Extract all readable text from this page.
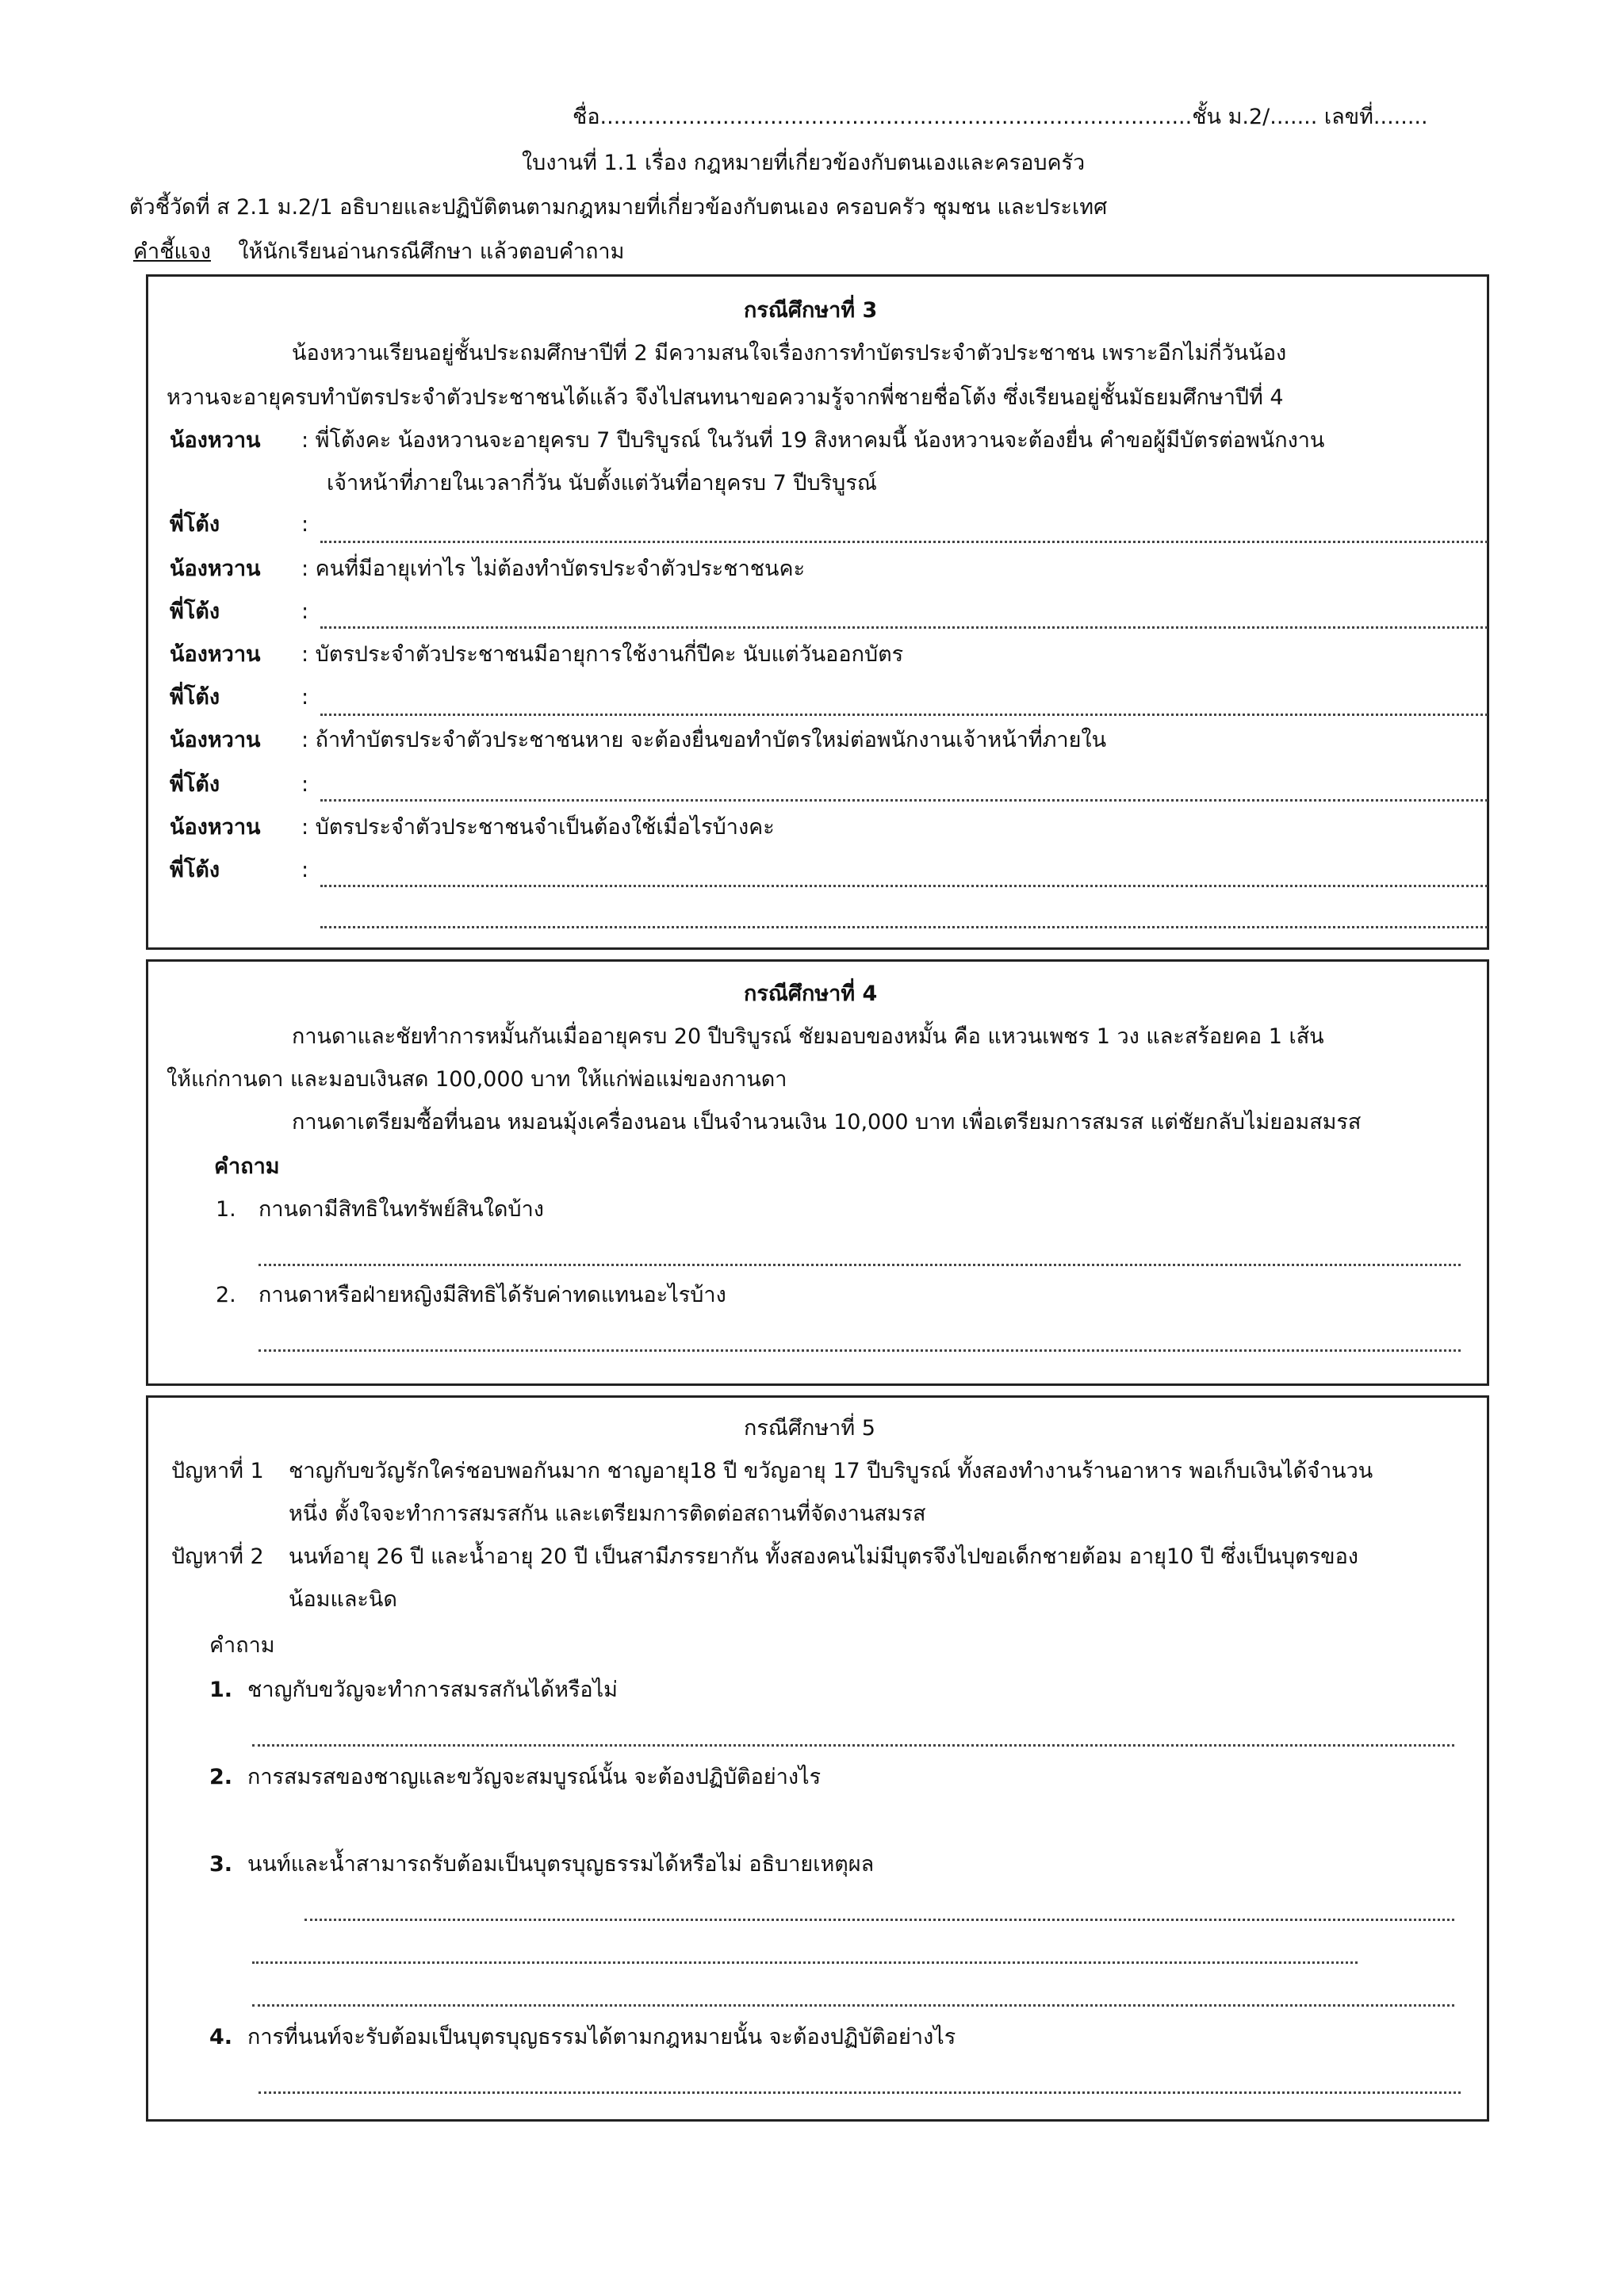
ชื่อ.......................................................................................ชั้น ม.2/....... เลขที่........
ใบงานที่ 1.1 เรื่อง กฎหมายที่เกี่ยวข้องกับตนเองและครอบครัว
ตัวชี้วัดที่ ส 2.1 ม.2/1 อธิบายและปฏิบัติตนตามกฎหมายที่เกี่ยวข้องกับตนเอง ครอบครัว ชุมชน และประเทศ
คำชี้แจง ให้นักเรียนอ่านกรณีศึกษา แล้วตอบคำถาม
กรณีศึกษาที่ 3
น้องหวานเรียนอยู่ชั้นประถมศึกษาปีที่ 2 มีความสนใจเรื่องการทำบัตรประจำตัวประชาชน เพราะอีกไม่กี่วันน้อง
หวานจะอายุครบทำบัตรประจำตัวประชาชนได้แล้ว จึงไปสนทนาขอความรู้จากพี่ชายชื่อโต้ง ซึ่งเรียนอยู่ชั้นมัธยมศึกษาปีที่ 4
น้องหวาน : พี่โต้งคะ น้องหวานจะอายุครบ 7 ปีบริบูรณ์ ในวันที่ 19 สิงหาคมนี้ น้องหวานจะต้องยื่น คำขอผู้มีบัตรต่อพนักงาน
เจ้าหน้าที่ภายในเวลากี่วัน นับตั้งแต่วันที่อายุครบ 7 ปีบริบูรณ์
พี่โต้ง	:
น้องหวาน : คนที่มีอายุเท่าไร ไม่ต้องทำบัตรประจำตัวประชาชนคะ
พี่โต้ง	:
น้องหวาน : บัตรประจำตัวประชาชนมีอายุการใช้งานกี่ปีคะ นับแต่วันออกบัตร
พี่โต้ง	:
น้องหวาน : ถ้าทำบัตรประจำตัวประชาชนหาย จะต้องยื่นขอทำบัตรใหม่ต่อพนักงานเจ้าหน้าที่ภายใน
พี่โต้ง	:
น้องหวาน : บัตรประจำตัวประชาชนจำเป็นต้องใช้เมื่อไรบ้างคะ
พี่โต้ง	:
กรณีศึกษาที่ 4
กานดาและชัยทำการหมั้นกันเมื่ออายุครบ 20 ปีบริบูรณ์ ชัยมอบของหมั้น คือ แหวนเพชร 1 วง และสร้อยคอ 1 เส้น
ให้แก่กานดา และมอบเงินสด 100,000 บาท ให้แก่พ่อแม่ของกานดา
กานดาเตรียมซื้อที่นอน หมอนมุ้งเครื่องนอน เป็นจำนวนเงิน 10,000 บาท เพื่อเตรียมการสมรส แต่ชัยกลับไม่ยอมสมรส
คำถาม
1. กานดามีสิทธิในทรัพย์สินใดบ้าง
2. กานดาหรือฝ่ายหญิงมีสิทธิได้รับค่าทดแทนอะไรบ้าง
กรณีศึกษาที่ 5
ปัญหาที่ 1 ชาญกับขวัญรักใคร่ชอบพอกันมาก ชาญอายุ18 ปี ขวัญอายุ 17 ปีบริบูรณ์ ทั้งสองทำงานร้านอาหาร พอเก็บเงินได้จำนวน
หนึ่ง ตั้งใจจะทำการสมรสกัน และเตรียมการติดต่อสถานที่จัดงานสมรส
ปัญหาที่ 2 นนท์อายุ 26 ปี และน้ำอายุ 20 ปี เป็นสามีภรรยากัน ทั้งสองคนไม่มีบุตรจึงไปขอเด็กชายต้อม อายุ10 ปี ซึ่งเป็นบุตรของ
น้อมและนิด
คำถาม
1. ชาญกับขวัญจะทำการสมรสกันได้หรือไม่
2. การสมรสของชาญและขวัญจะสมบูรณ์นั้น จะต้องปฏิบัติอย่างไร
3. นนท์และน้ำสามารถรับต้อมเป็นบุตรบุญธรรมได้หรือไม่ อธิบายเหตุผล
4. การที่นนท์จะรับต้อมเป็นบุตรบุญธรรมได้ตามกฎหมายนั้น จะต้องปฏิบัติอย่างไร
